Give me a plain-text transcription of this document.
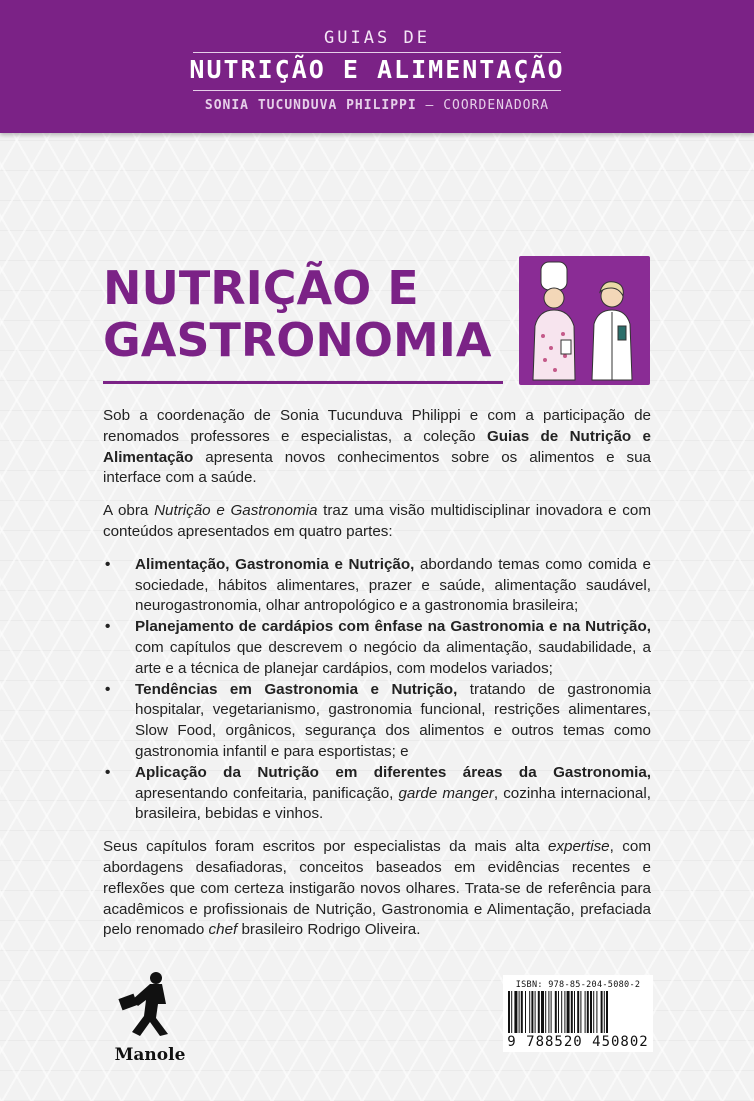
GUIAS DE
NUTRIÇÃO E ALIMENTAÇÃO
SONIA TUCUNDUVA PHILIPPI – COORDENADORA
NUTRIÇÃO E
GASTRONOMIA

Sob a coordenação de Sonia Tucunduva Philippi e com a participação de renomados professores e especialistas, a coleção Guias de Nutrição e Alimentação apresenta novos conhecimentos sobre os alimentos e sua interface com a saúde.

A obra Nutrição e Gastronomia traz uma visão multidisciplinar inovadora e com conteúdos apresentados em quatro partes:

• Alimentação, Gastronomia e Nutrição, abordando temas como comida e sociedade, hábitos alimentares, prazer e saúde, alimentação saudável, neurogastronomia, olhar antropológico e a gastronomia brasileira;
• Planejamento de cardápios com ênfase na Gastronomia e na Nutrição, com capítulos que descrevem o negócio da alimentação, saudabilidade, a arte e a técnica de planejar cardápios, com modelos variados;
• Tendências em Gastronomia e Nutrição, tratando de gastronomia hospitalar, vegetarianismo, gastronomia funcional, restrições alimentares, Slow Food, orgânicos, segurança dos alimentos e outros temas como gastronomia infantil e para esportistas; e
• Aplicação da Nutrição em diferentes áreas da Gastronomia, apresentando confeitaria, panificação, garde manger, cozinha internacional, brasileira, bebidas e vinhos.

Seus capítulos foram escritos por especialistas da mais alta expertise, com abordagens desafiadoras, conceitos baseados em evidências recentes e reflexões que com certeza instigarão novos olhares. Trata-se de referência para acadêmicos e profissionais de Nutrição, Gastronomia e Alimentação, prefaciada pelo renomado chef brasileiro Rodrigo Oliveira.

Manole
ISBN: 978-85-204-5080-2
9 788520 450802
